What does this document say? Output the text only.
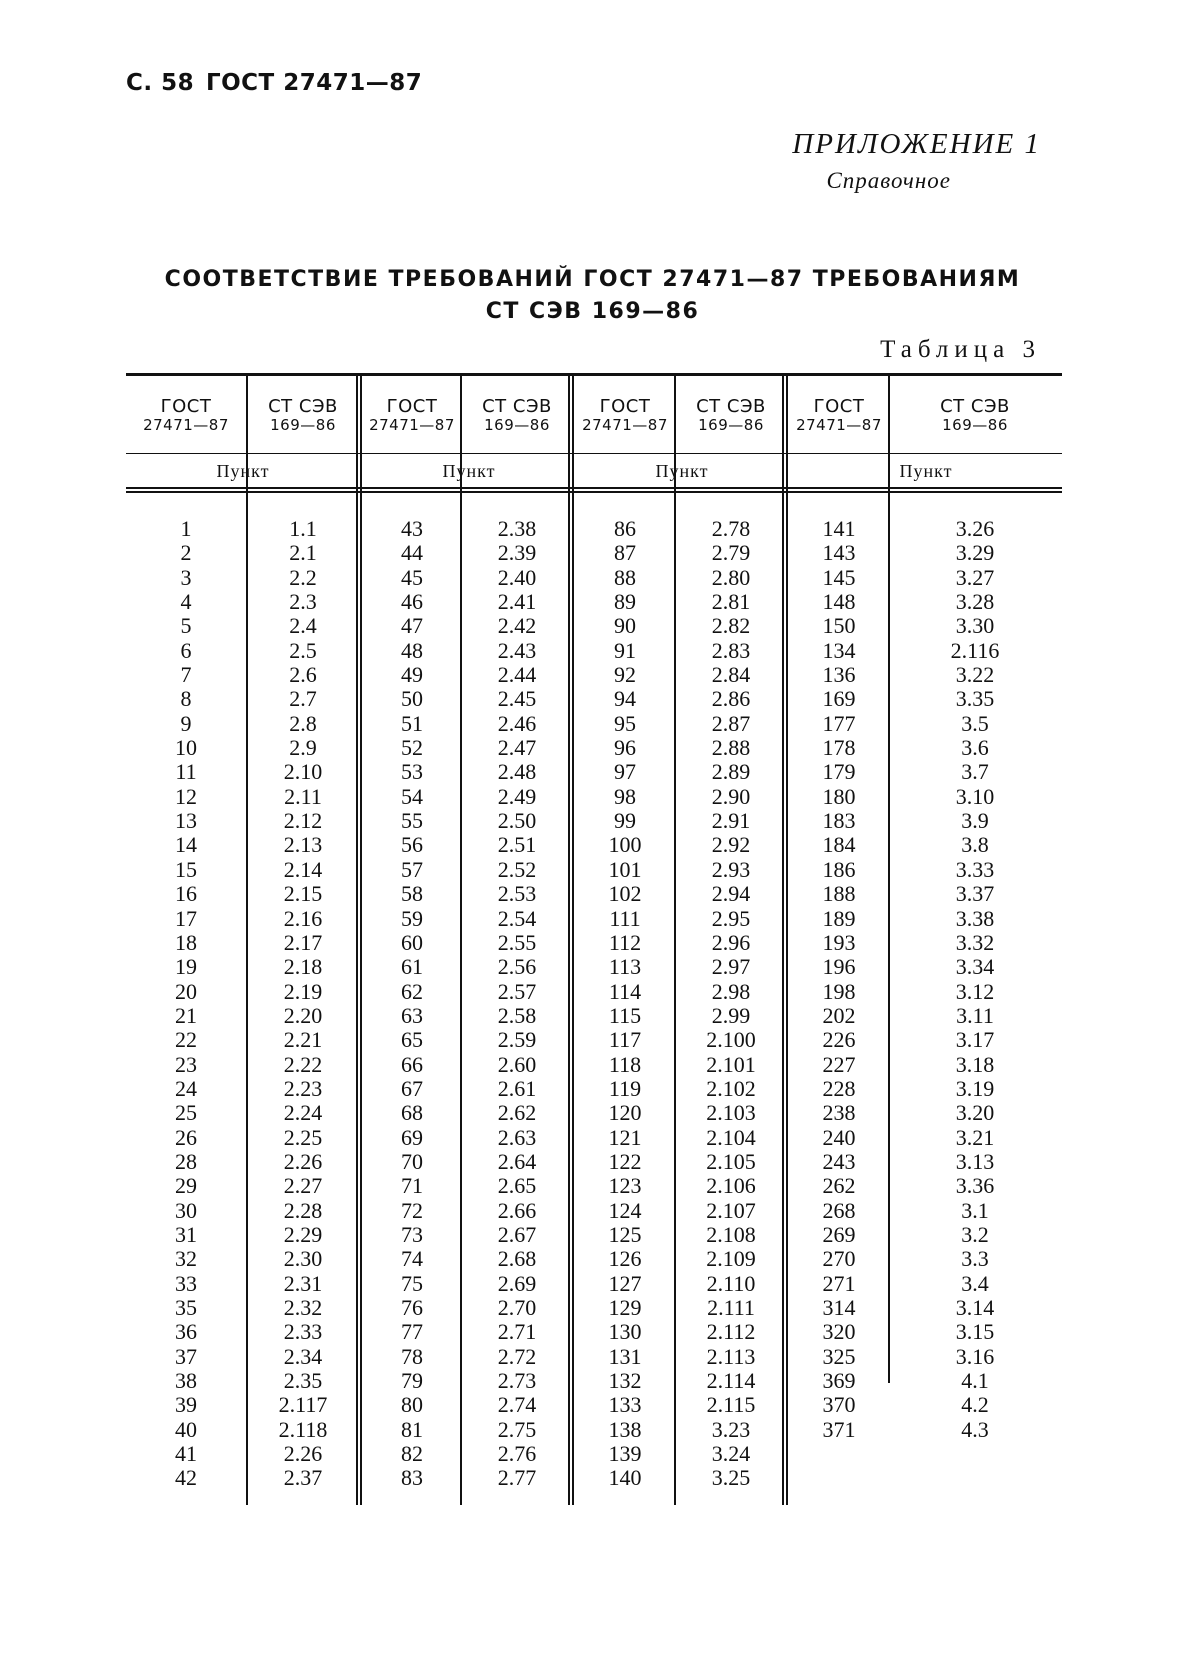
С. 58 ГОСТ 27471—87
ПРИЛОЖЕНИЕ 1
Справочное
СООТВЕТСТВИЕ ТРЕБОВАНИЙ ГОСТ 27471—87 ТРЕБОВАНИЯМ
СТ СЭВ 169—86
Таблица 3
ГОСТ
27471—87
СТ СЭВ
169—86
Пункт
1
2
3
4
5
6
7
8
9
10
11
12
13
14
15
16
17
18
19
20
21
22
23
24
25
26
28
29
30
31
32
33
35
36
37
38
39
40
41
42
1.1
2.1
2.2
2.3
2.4
2.5
2.6
2.7
2.8
2.9
2.10
2.11
2.12
2.13
2.14
2.15
2.16
2.17
2.18
2.19
2.20
2.21
2.22
2.23
2.24
2.25
2.26
2.27
2.28
2.29
2.30
2.31
2.32
2.33
2.34
2.35
2.117
2.118
2.26
2.37
ГОСТ
27471—87
СТ СЭВ
169—86
Пункт
43
44
45
46
47
48
49
50
51
52
53
54
55
56
57
58
59
60
61
62
63
65
66
67
68
69
70
71
72
73
74
75
76
77
78
79
80
81
82
83
2.38
2.39
2.40
2.41
2.42
2.43
2.44
2.45
2.46
2.47
2.48
2.49
2.50
2.51
2.52
2.53
2.54
2.55
2.56
2.57
2.58
2.59
2.60
2.61
2.62
2.63
2.64
2.65
2.66
2.67
2.68
2.69
2.70
2.71
2.72
2.73
2.74
2.75
2.76
2.77
ГОСТ
27471—87
СТ СЭВ
169—86
Пункт
86
87
88
89
90
91
92
94
95
96
97
98
99
100
101
102
111
112
113
114
115
117
118
119
120
121
122
123
124
125
126
127
129
130
131
132
133
138
139
140
2.78
2.79
2.80
2.81
2.82
2.83
2.84
2.86
2.87
2.88
2.89
2.90
2.91
2.92
2.93
2.94
2.95
2.96
2.97
2.98
2.99
2.100
2.101
2.102
2.103
2.104
2.105
2.106
2.107
2.108
2.109
2.110
2.111
2.112
2.113
2.114
2.115
3.23
3.24
3.25
ГОСТ
27471—87
СТ СЭВ
169—86
Пункт
141
143
145
148
150
134
136
169
177
178
179
180
183
184
186
188
189
193
196
198
202
226
227
228
238
240
243
262
268
269
270
271
314
320
325
369
370
371
3.26
3.29
3.27
3.28
3.30
2.116
3.22
3.35
3.5
3.6
3.7
3.10
3.9
3.8
3.33
3.37
3.38
3.32
3.34
3.12
3.11
3.17
3.18
3.19
3.20
3.21
3.13
3.36
3.1
3.2
3.3
3.4
3.14
3.15
3.16
4.1
4.2
4.3
